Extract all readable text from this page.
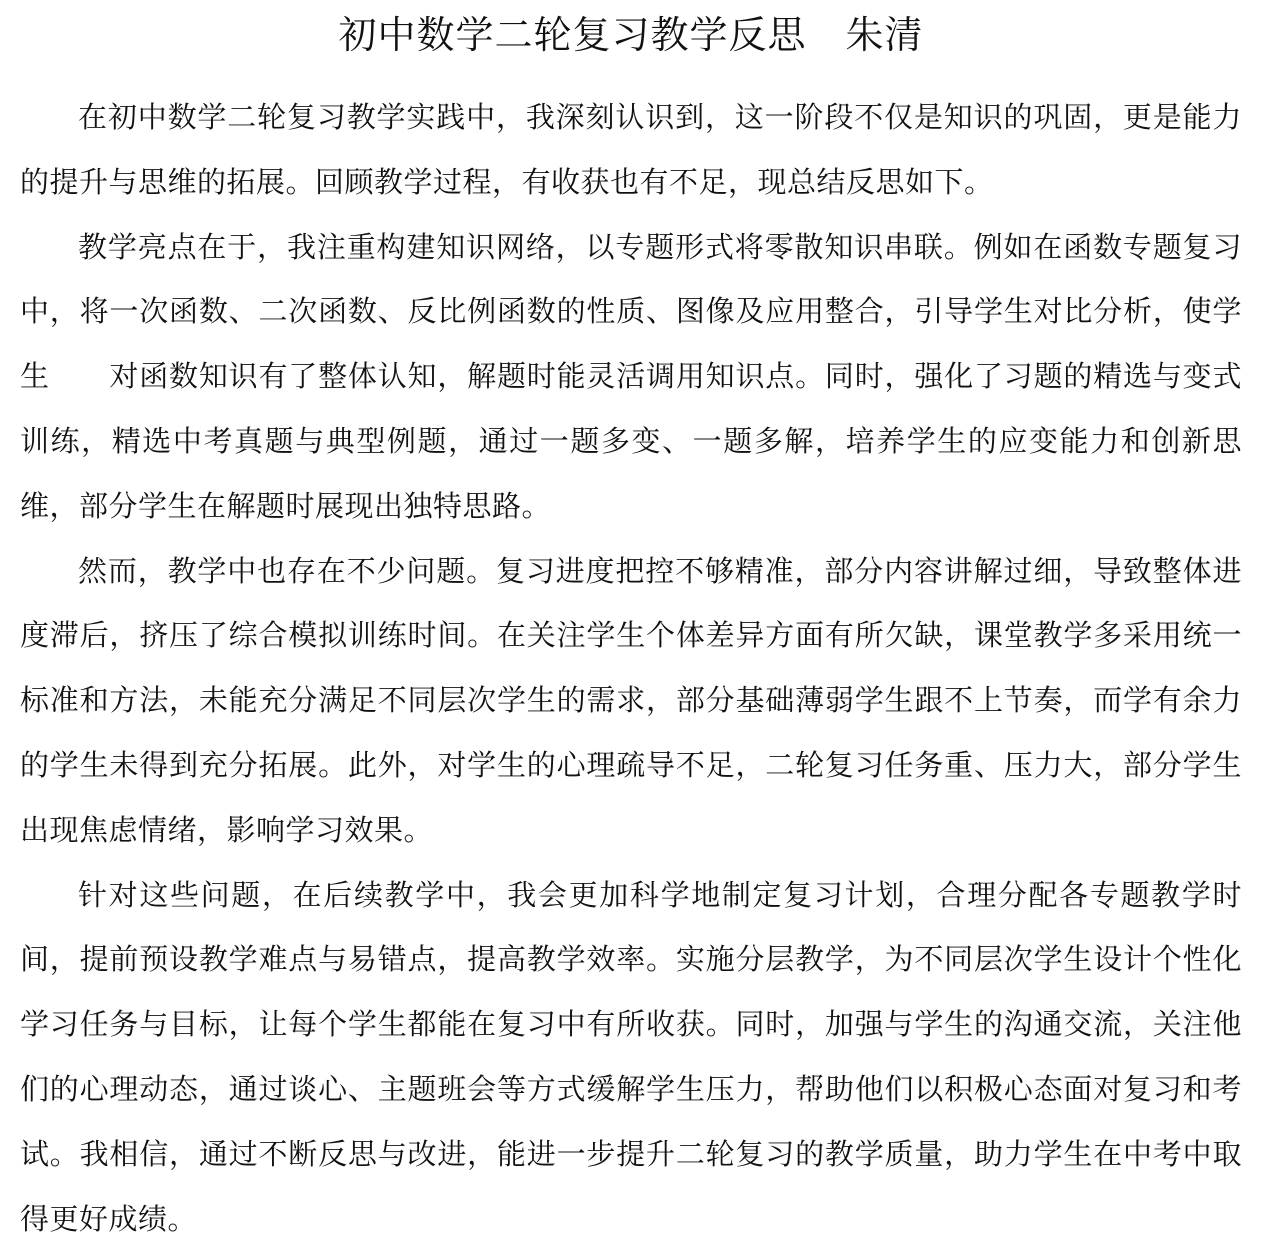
初中数学二轮复习教学反思　朱清

在初中数学二轮复习教学实践中，我深刻认识到，这一阶段不仅是知识的巩固，更是能力的提升与思维的拓展。回顾教学过程，有收获也有不足，现总结反思如下。

教学亮点在于，我注重构建知识网络，以专题形式将零散知识串联。例如在函数专题复习中，将一次函数、二次函数、反比例函数的性质、图像及应用整合，引导学生对比分析，使学生　　对函数知识有了整体认知，解题时能灵活调用知识点。同时，强化了习题的精选与变式训练，精选中考真题与典型例题，通过一题多变、一题多解，培养学生的应变能力和创新思维，部分学生在解题时展现出独特思路。

然而，教学中也存在不少问题。复习进度把控不够精准，部分内容讲解过细，导致整体进度滞后，挤压了综合模拟训练时间。在关注学生个体差异方面有所欠缺，课堂教学多采用统一标准和方法，未能充分满足不同层次学生的需求，部分基础薄弱学生跟不上节奏，而学有余力的学生未得到充分拓展。此外，对学生的心理疏导不足，二轮复习任务重、压力大，部分学生出现焦虑情绪，影响学习效果。

针对这些问题，在后续教学中，我会更加科学地制定复习计划，合理分配各专题教学时间，提前预设教学难点与易错点，提高教学效率。实施分层教学，为不同层次学生设计个性化学习任务与目标，让每个学生都能在复习中有所收获。同时，加强与学生的沟通交流，关注他们的心理动态，通过谈心、主题班会等方式缓解学生压力，帮助他们以积极心态面对复习和考试。我相信，通过不断反思与改进，能进一步提升二轮复习的教学质量，助力学生在中考中取得更好成绩。
